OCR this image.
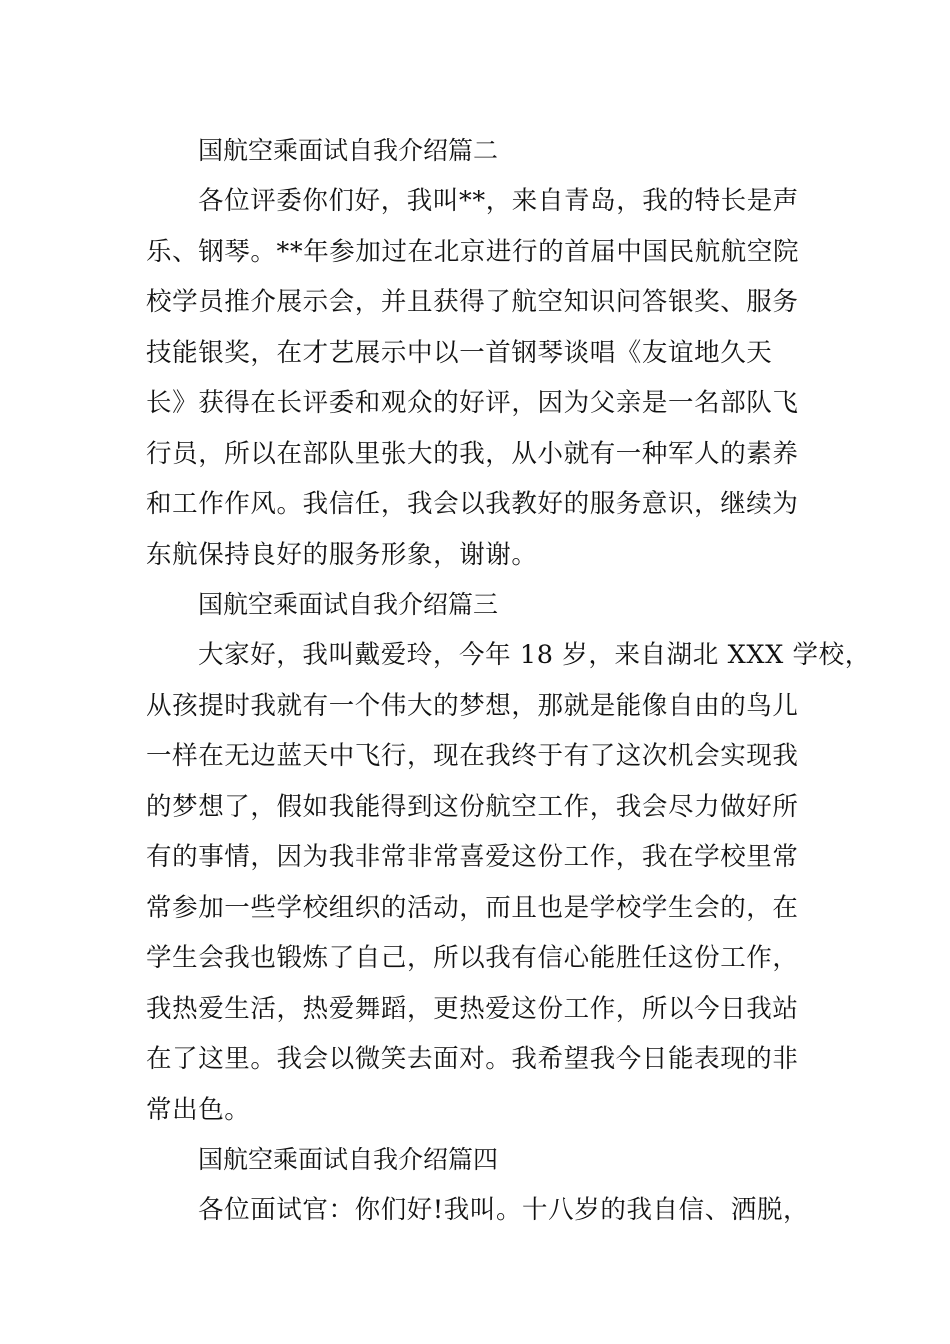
国航空乘面试自我介绍篇二

各位评委你们好，我叫**，来自青岛，我的特长是声
乐、钢琴。**年参加过在北京进行的首届中国民航航空院
校学员推介展示会，并且获得了航空知识问答银奖、服务
技能银奖，在才艺展示中以一首钢琴谈唱《友谊地久天
长》获得在长评委和观众的好评，因为父亲是一名部队飞
行员，所以在部队里张大的我，从小就有一种军人的素养
和工作作风。我信任，我会以我教好的服务意识，继续为
东航保持良好的服务形象，谢谢。

国航空乘面试自我介绍篇三

大家好，我叫戴爱玲，今年 18 岁，来自湖北 XXX 学校，
从孩提时我就有一个伟大的梦想，那就是能像自由的鸟儿
一样在无边蓝天中飞行，现在我终于有了这次机会实现我
的梦想了，假如我能得到这份航空工作，我会尽力做好所
有的事情，因为我非常非常喜爱这份工作，我在学校里常
常参加一些学校组织的活动，而且也是学校学生会的，在
学生会我也锻炼了自己，所以我有信心能胜任这份工作，
我热爱生活，热爱舞蹈，更热爱这份工作，所以今日我站
在了这里。我会以微笑去面对。我希望我今日能表现的非
常出色。

国航空乘面试自我介绍篇四

各位面试官：你们好!我叫。十八岁的我自信、洒脱，
